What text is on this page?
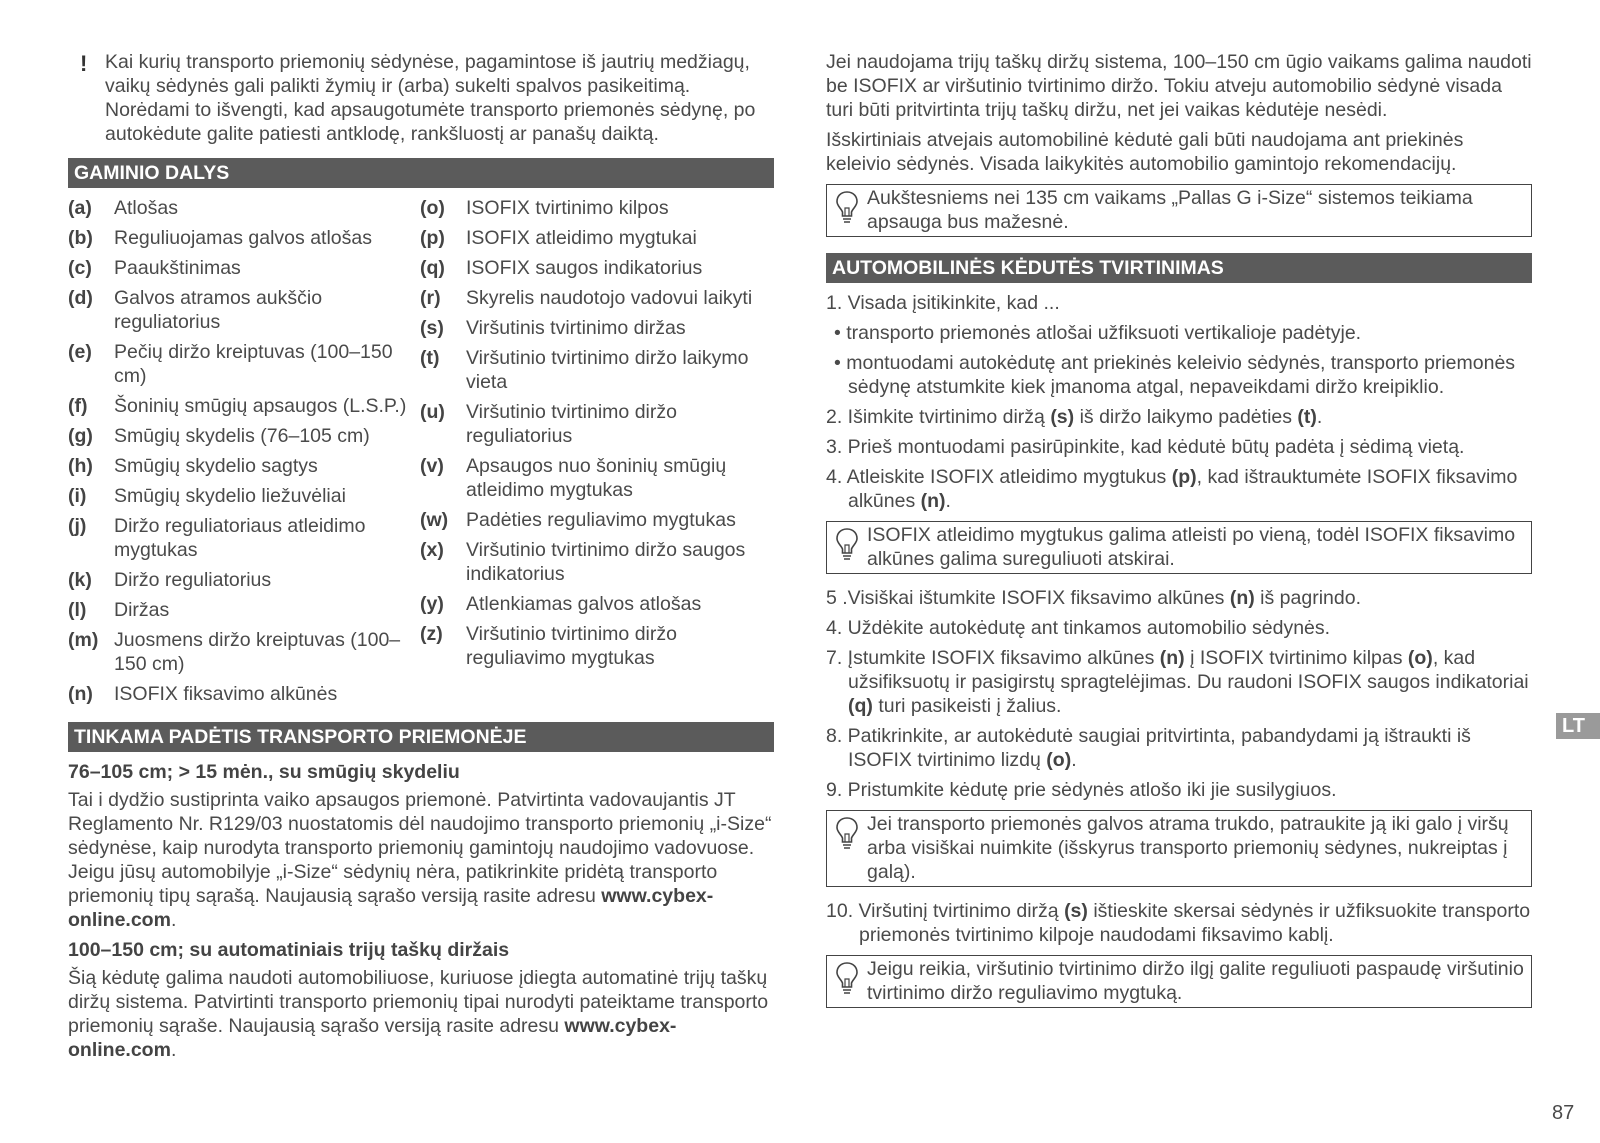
! Kai kurių transporto priemonių sėdynėse, pagamintose iš jautrių medžiagų, vaikų sėdynės gali palikti žymių ir (arba) sukelti spalvos pasikeitimą. Norėdami to išvengti, kad apsaugotumėte transporto priemonės sėdynę, po autokėdute galite patiesti antklodę, rankšluostį ar panašų daiktą.
GAMINIO DALYS
(a)	Atlošas
(b)	Reguliuojamas galvos atlošas
(c)	Paaukštinimas
(d)	Galvos atramos aukščio reguliatorius
(e)	Pečių diržo kreiptuvas (100–150 cm)
(f)	Šoninių smūgių apsaugos (L.S.P.)
(g)	Smūgių skydelis (76–105 cm)
(h)	Smūgių skydelio sagtys
(i)	Smūgių skydelio liežuvėliai
(j)	Diržo reguliatoriaus atleidimo mygtukas
(k)	Diržo reguliatorius
(l)	Diržas
(m) Juosmens diržo kreiptuvas (100–150 cm)
(n)	ISOFIX fiksavimo alkūnės
(o)	ISOFIX tvirtinimo kilpos
(p)	ISOFIX atleidimo mygtukai
(q)	ISOFIX saugos indikatorius
(r)	Skyrelis naudotojo vadovui laikyti
(s)	Viršutinis tvirtinimo diržas
(t)	Viršutinio tvirtinimo diržo laikymo vieta
(u)	Viršutinio tvirtinimo diržo reguliatorius
(v)	Apsaugos nuo šoninių smūgių atleidimo mygtukas
(w) Padėties reguliavimo mygtukas
(x)	Viršutinio tvirtinimo diržo saugos indikatorius
(y)	Atlenkiamas galvos atlošas
(z)	Viršutinio tvirtinimo diržo reguliavimo mygtukas
TINKAMA PADĖTIS TRANSPORTO PRIEMONĖJE
76–105 cm; > 15 mėn., su smūgių skydeliu
Tai i dydžio sustiprinta vaiko apsaugos priemonė. Patvirtinta vadovaujantis JT Reglamento Nr. R129/03 nuostatomis dėl naudojimo transporto priemonių „i-Size“ sėdynėse, kaip nurodyta transporto priemonių gamintojų naudojimo vadovuose. Jeigu jūsų automobilyje „i-Size“ sėdynių nėra, patikrinkite pridėtą transporto priemonių tipų sąrašą. Naujausią sąrašo versiją rasite adresu www.cybex-online.com.
100–150 cm; su automatiniais trijų taškų diržais
Šią kėdutę galima naudoti automobiliuose, kuriuose įdiegta automatinė trijų taškų diržų sistema. Patvirtinti transporto priemonių tipai nurodyti pateiktame transporto priemonių sąraše. Naujausią sąrašo versiją rasite adresu www.cybex-online.com.
Jei naudojama trijų taškų diržų sistema, 100–150 cm ūgio vaikams galima naudoti be ISOFIX ar viršutinio tvirtinimo diržo. Tokiu atveju automobilio sėdynė visada turi būti pritvirtinta trijų taškų diržu, net jei vaikas kėdutėje nesėdi.
Išskirtiniais atvejais automobilinė kėdutė gali būti naudojama ant priekinės keleivio sėdynės. Visada laikykitės automobilio gamintojo rekomendacijų.
Aukštesniems nei 135 cm vaikams „Pallas G i-Size“ sistemos teikiama apsauga bus mažesnė.
AUTOMOBILINĖS KĖDUTĖS TVIRTINIMAS
1. Visada įsitikinkite, kad ...
• transporto priemonės atlošai užfiksuoti vertikalioje padėtyje.
• montuodami autokėdutę ant priekinės keleivio sėdynės, transporto priemonės sėdynę atstumkite kiek įmanoma atgal, nepaveikdami diržo kreipiklio.
2. Išimkite tvirtinimo diržą (s) iš diržo laikymo padėties (t).
3. Prieš montuodami pasirūpinkite, kad kėdutė būtų padėta į sėdimą vietą.
4. Atleiskite ISOFIX atleidimo mygtukus (p), kad ištrauktumėte ISOFIX fiksavimo alkūnes (n).
ISOFIX atleidimo mygtukus galima atleisti po vieną, todėl ISOFIX fiksavimo alkūnes galima sureguliuoti atskirai.
5 .Visiškai ištumkite ISOFIX fiksavimo alkūnes (n) iš pagrindo.
4. Uždėkite autokėdutę ant tinkamos automobilio sėdynės.
7. Įstumkite ISOFIX fiksavimo alkūnes (n) į ISOFIX tvirtinimo kilpas (o), kad užsifiksuotų ir pasigirstų spragtelėjimas. Du raudoni ISOFIX saugos indikatoriai (q) turi pasikeisti į žalius.
8. Patikrinkite, ar autokėdutė saugiai pritvirtinta, pabandydami ją ištraukti iš ISOFIX tvirtinimo lizdų (o).
9. Pristumkite kėdutę prie sėdynės atlošo iki jie susilygiuos.
Jei transporto priemonės galvos atrama trukdo, patraukite ją iki galo į viršų arba visiškai nuimkite (išskyrus transporto priemonių sėdynes, nukreiptas į galą).
10. Viršutinį tvirtinimo diržą (s) ištieskite skersai sėdynės ir užfiksuokite transporto priemonės tvirtinimo kilpoje naudodami fiksavimo kablį.
Jeigu reikia, viršutinio tvirtinimo diržo ilgį galite reguliuoti paspaudę viršutinio tvirtinimo diržo reguliavimo mygtuką.
LT
87
